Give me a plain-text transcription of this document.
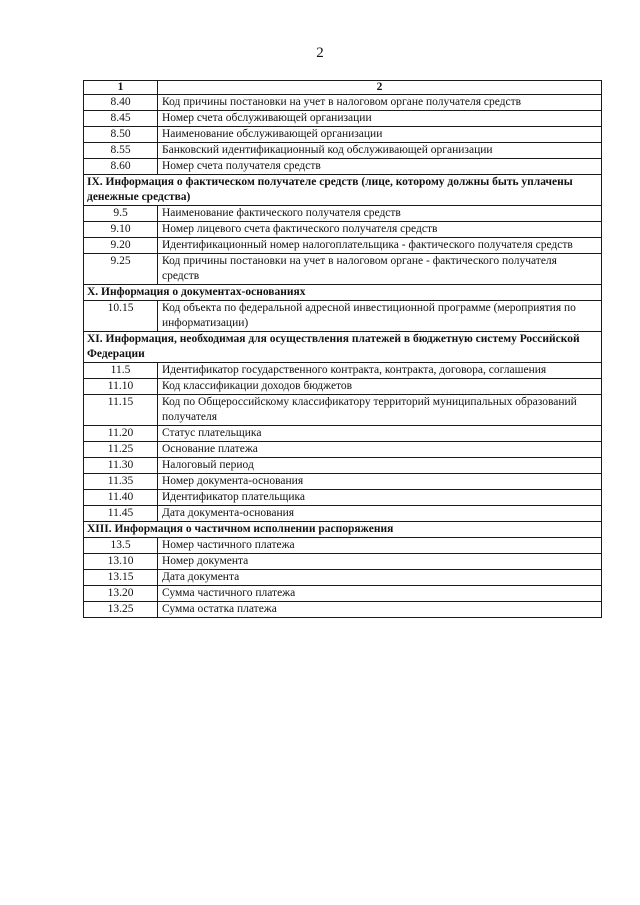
2
1	2
8.40	Код причины постановки на учет в налоговом органе получателя средств
8.45	Номер счета обслуживающей организации
8.50	Наименование обслуживающей организации
8.55	Банковский идентификационный код обслуживающей организации
8.60	Номер счета получателя средств
IX. Информация о фактическом получателе средств (лице, которому должны быть уплачены денежные средства)	
9.5	Наименование фактического получателя средств
9.10	Номер лицевого счета фактического получателя средств
9.20	Идентификационный номер налогоплательщика - фактического получателя средств
9.25	Код причины постановки на учет в налоговом органе - фактического получателя средств
X. Информация о документах-основаниях	
10.15	Код объекта по федеральной адресной инвестиционной программе (мероприятия по информатизации)
XI. Информация, необходимая для осуществления платежей в бюджетную систему Российской Федерации	
11.5	Идентификатор государственного контракта, контракта, договора, соглашения
11.10	Код классификации доходов бюджетов
11.15	Код по Общероссийскому классификатору территорий муниципальных образований получателя
11.20	Статус плательщика
11.25	Основание платежа
11.30	Налоговый период
11.35	Номер документа-основания
11.40	Идентификатор плательщика
11.45	Дата документа-основания
XIII. Информация о частичном исполнении распоряжения	
13.5	Номер частичного платежа
13.10	Номер документа
13.15	Дата документа
13.20	Сумма частичного платежа
13.25	Сумма остатка платежа
